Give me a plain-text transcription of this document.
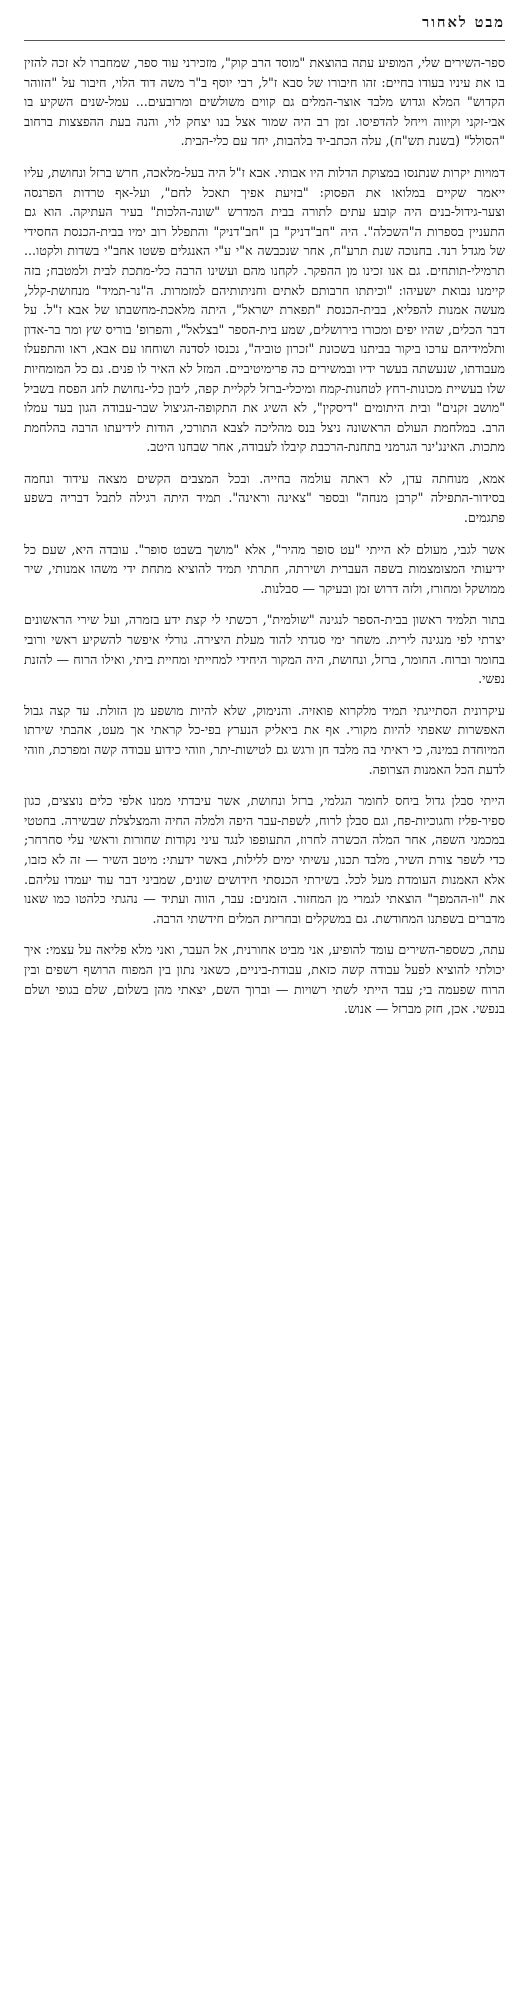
מבט לאחור

ספר-השירים שלי, המופיע עתה בהוצאת "מוסד הרב קוק", מזכירני עוד ספר, שמחברו לא זכה להזין בו את עיניו בעודו בחיים: זהו חיבורו של סבא ז"ל, רבי יוסף ב"ר משה דוד הלוי, חיבור על "הזוהר הקדוש" המלא וגדוש מלבד אוצר-המלים גם קווים משולשים ומרובעים... עמל-שנים השקיע בו אבי-זקני וקיווה וייחל להדפיסו. זמן רב היה שמור אצל בנו יצחק לוי, והנה בעת ההפצצות ברחוב "הסולל" (בשנת תש"ח), עלה הכתב-יד בלהבות, יחד עם כלי-הבית.

דמויות יקרות שנתנסו במצוקת הדלות היו אבותי. אבא ז"ל היה בעל-מלאכה, חרש ברזל ונחושת, עליו ייאמר שקיים במלואו את הפסוק: "בזיעת אפיך תאכל לחם", ועל-אף טרדות הפרנסה וצער-גידול-בנים היה קובע עתים לתורה בבית המדרש "שונה-הלכות" בעיר העתיקה. הוא גם התעניין בספרות ה"השכלה". היה "חב"דניק" בן "חב"דניק" והתפלל רוב ימיו בבית-הכנסת החסידי של מגדל רנד. בחנוכה שנת תרע"ח, אחר שנכבשה א"י ע"י האנגלים פשטו אחב"י בשדות ולקטו... תרמילי-תותחים. גם אנו זכינו מן ההפקר. לקחנו מהם ועשינו הרבה כלי-מתכת לבית ולמטבח; בזה קיימנו נבואת ישעיהו: "וכיתתו חרבותם לאתים וחניתותיהם למזמרות. ה"נר-תמיד" מנחושת-קלל, מעשה אמנות להפליא, בבית-הכנסת "תפארת ישראל", היתה מלאכת-מחשבתו של אבא ז"ל. על דבר הכלים, שהיו יפים ומכורו בירושלים, שמע בית-הספר "בצלאל", והפרופ' בוריס שץ ומר בר-אדון ותלמידיהם ערכו ביקור בביתנו בשכונת "זכרון טוביה", נכנסו לסדנה ושוחחו עם אבא, ראו והתפעלו מעבודתו, שנעשתה בעשר ידיו ובמשירים כה פרימיטיביים. המזל לא האיר לו פנים. גם כל המומחיות שלו בעשיית מכונות-רחץ לטחנות-קמח ומיכלי-ברזל לקליית קפה, ליבון כלי-נחושת לחג הפסח בשביל "מושב זקנים" ובית היתומים "דיסקין", לא השיג את התקופה-הגיצול שבר-עבודה הגון בעד עמלו הרב. במלחמת העולם הראשונה ניצל בנס מהליכה לצבא התורכי, הודות לידיעתו הרבה בהלחמת מתכות. האינג'ינר הגרמני בתחנת-הרכבת קיבלו לעבודה, אחר שבחנו היטב.

אמא, מנוחתה עדן, לא ראתה עולמה בחייה. ובכל המצבים הקשים מצאה עידוד ונחמה בסידור-התפילה "קרבן מנחה" ובספר "צאינה וראינה". תמיד היתה רגילה לתבל דבריה בשפע פתגמים.

אשר לגבי, מעולם לא הייתי "עט סופר מהיר", אלא "מושך בשבט סופר". עובדה היא, שעם כל ידיעותי המצומצמות בשפה העברית ושירתה, חתרתי תמיד להוציא מתחת ידי משהו אמנותי, שיר ממושקל ומחורז, ולזה דרוש זמן ובעיקר — סבלנות.

בתור תלמיד ראשון בבית-הספר לנגינה "שולמית", רכשתי לי קצת ידע בזמרה, ועל שירי הראשונים יצרתי לפי מנגינה לירית. משחר ימי סגדתי להוד מעלת היצירה. גורלי איפשר להשקיע ראשי ורובי בחומר וברוח. החומר, ברזל, ונחושת, היה המקור היחידי למחייתי ומחיית ביתי, ואילו הרוח — להזנת נפשי.

עיקרונית הסתייגתי תמיד מלקרוא פואזיה. והנימוק, שלא להיות מושפע מן הזולת. עד קצה גבול האפשרות שאפתי להיות מקורי. אף את ביאליק הנערץ בפי-כל קראתי אך מעט, אהבתי שירתו המיוחדת במינה, כי ראיתי בה מלבד חן ורגש גם לטישות-יתר, וזוהי כידוע עבודה קשה ומפרכת, וזוהי לדעת הכל האמנות הצרופה.

הייתי סבלן גדול ביחס לחומר הגלמי, ברזל ונחושת, אשר עיבדתי ממנו אלפי כלים נוצצים, כגון ספיר-פליז וחגוכיות-פח, וגם סבלן לרוח, לשפת-עבר היפה ולמלה החיה והמצלצלת שבשירה. בחטטי במכמני השפה, אחר המלה הכשרה לחרוז, התעופפו לנגד עיני נקודות שחורות וראשי עלי סחרחר; כדי לשפר צורת השיר, מלבד תכנו, עשיתי ימים ללילות, באשר ידעתי: מיטב השיר — זה לא כזבו, אלא האמנות העומדת מעל לכל. בשירתי הכנסתי חידושים שונים, שמביני דבר עוד יעמדו עליהם. את "וו-ההמפך" הוצאתי לגמרי מן המחזור. הזמנים: עבר, הווה ועתיד — נהגתי כלהטו כמו שאנו מדברים בשפתנו המחודשת. גם במשקלים ובחריזת המלים חידשתי הרבה.

עתה, כשספר-השירים עומד להופיע, אני מביט אחורנית, אל העבר, ואני מלא פליאה על עצמי: איך יכולתי להוציא לפעל עבודה קשה כזאת, עבודת-ביניים, כשאני נתון בין המפוח הרושף רשפים ובין הרוח שפעמה בי; עבד הייתי לשתי רשויות — וברוך השם, יצאתי מהן בשלום, שלם בגופי ושלם בנפשי. אכן, חזק מברזל — אנוש.
